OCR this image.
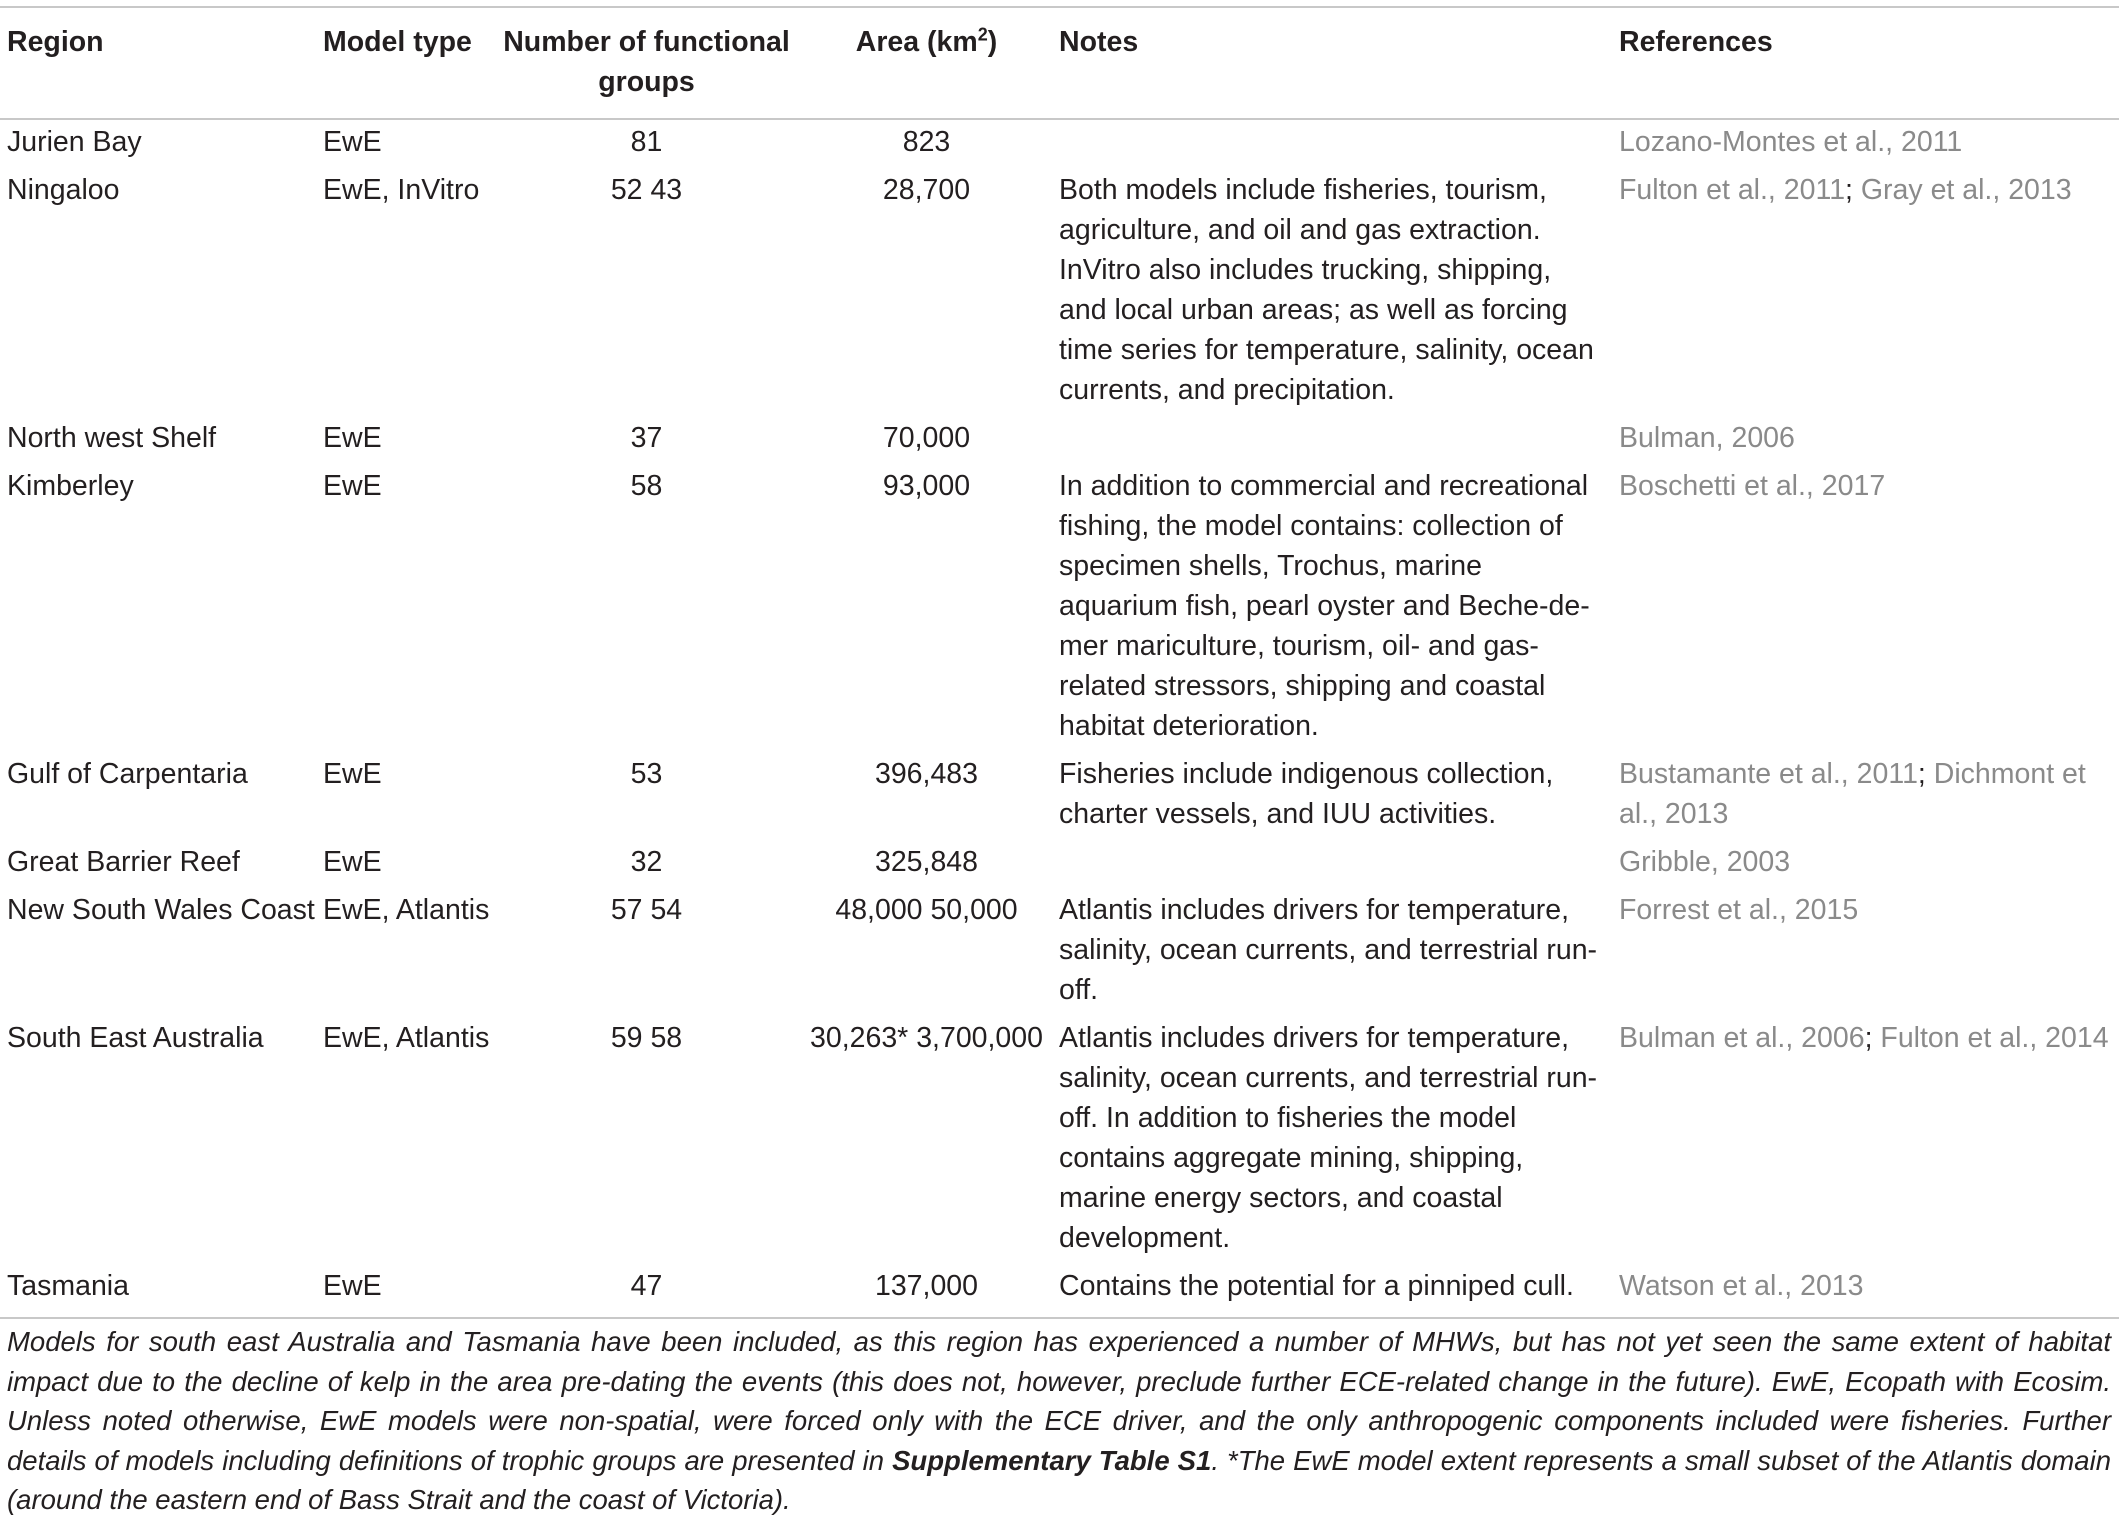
Region	Model type	Number of functional groups	Area $(km^2)$	Notes	References
Jurien Bay	EwE	81	823		Lozano-Montes et al., 2011
Ningaloo	EwE, InVitro	52 43	28,700	Both models include fisheries, tourism, agriculture, and oil and gas extraction. InVitro also includes trucking, shipping, and local urban areas; as well as forcing time series for temperature, salinity, ocean currents, and precipitation.	Fulton et al., 2011; Gray et al., 2013
North west Shelf	EwE	37	70,000		Bulman, 2006
Kimberley	EwE	58	93,000	In addition to commercial and recreational fishing, the model contains: collection of specimen shells, Trochus, marine aquarium fish, pearl oyster and Beche-de-mer mariculture, tourism, oil- and gas-related stressors, shipping and coastal habitat deterioration.	Boschetti et al., 2017
Gulf of Carpentaria	EwE	53	396,483	Fisheries include indigenous collection, charter vessels, and IUU activities.	Bustamante et al., 2011; Dichmont et al., 2013
Great Barrier Reef	EwE	32	325,848		Gribble, 2003
New South Wales Coast	EwE, Atlantis	57 54	48,000 50,000	Atlantis includes drivers for temperature, salinity, ocean currents, and terrestrial run-off.	Forrest et al., 2015
South East Australia	EwE, Atlantis	59 58	30,263* 3,700,000	Atlantis includes drivers for temperature, salinity, ocean currents, and terrestrial run-off. In addition to fisheries the model contains aggregate mining, shipping, marine energy sectors, and coastal development.	Bulman et al., 2006; Fulton et al., 2014
Tasmania	EwE	47	137,000	Contains the potential for a pinniped cull.	Watson et al., 2013
Models for south east Australia and Tasmania have been included, as this region has experienced a number of MHWs, but has not yet seen the same extent of habitat impact due to the decline of kelp in the area pre-dating the events (this does not, however, preclude further ECE-related change in the future). EwE, Ecopath with Ecosim. Unless noted otherwise, EwE models were non-spatial, were forced only with the ECE driver, and the only anthropogenic components included were fisheries. Further details of models including definitions of trophic groups are presented in Supplementary Table S1. *The EwE model extent represents a small subset of the Atlantis domain (around the eastern end of Bass Strait and the coast of Victoria).
